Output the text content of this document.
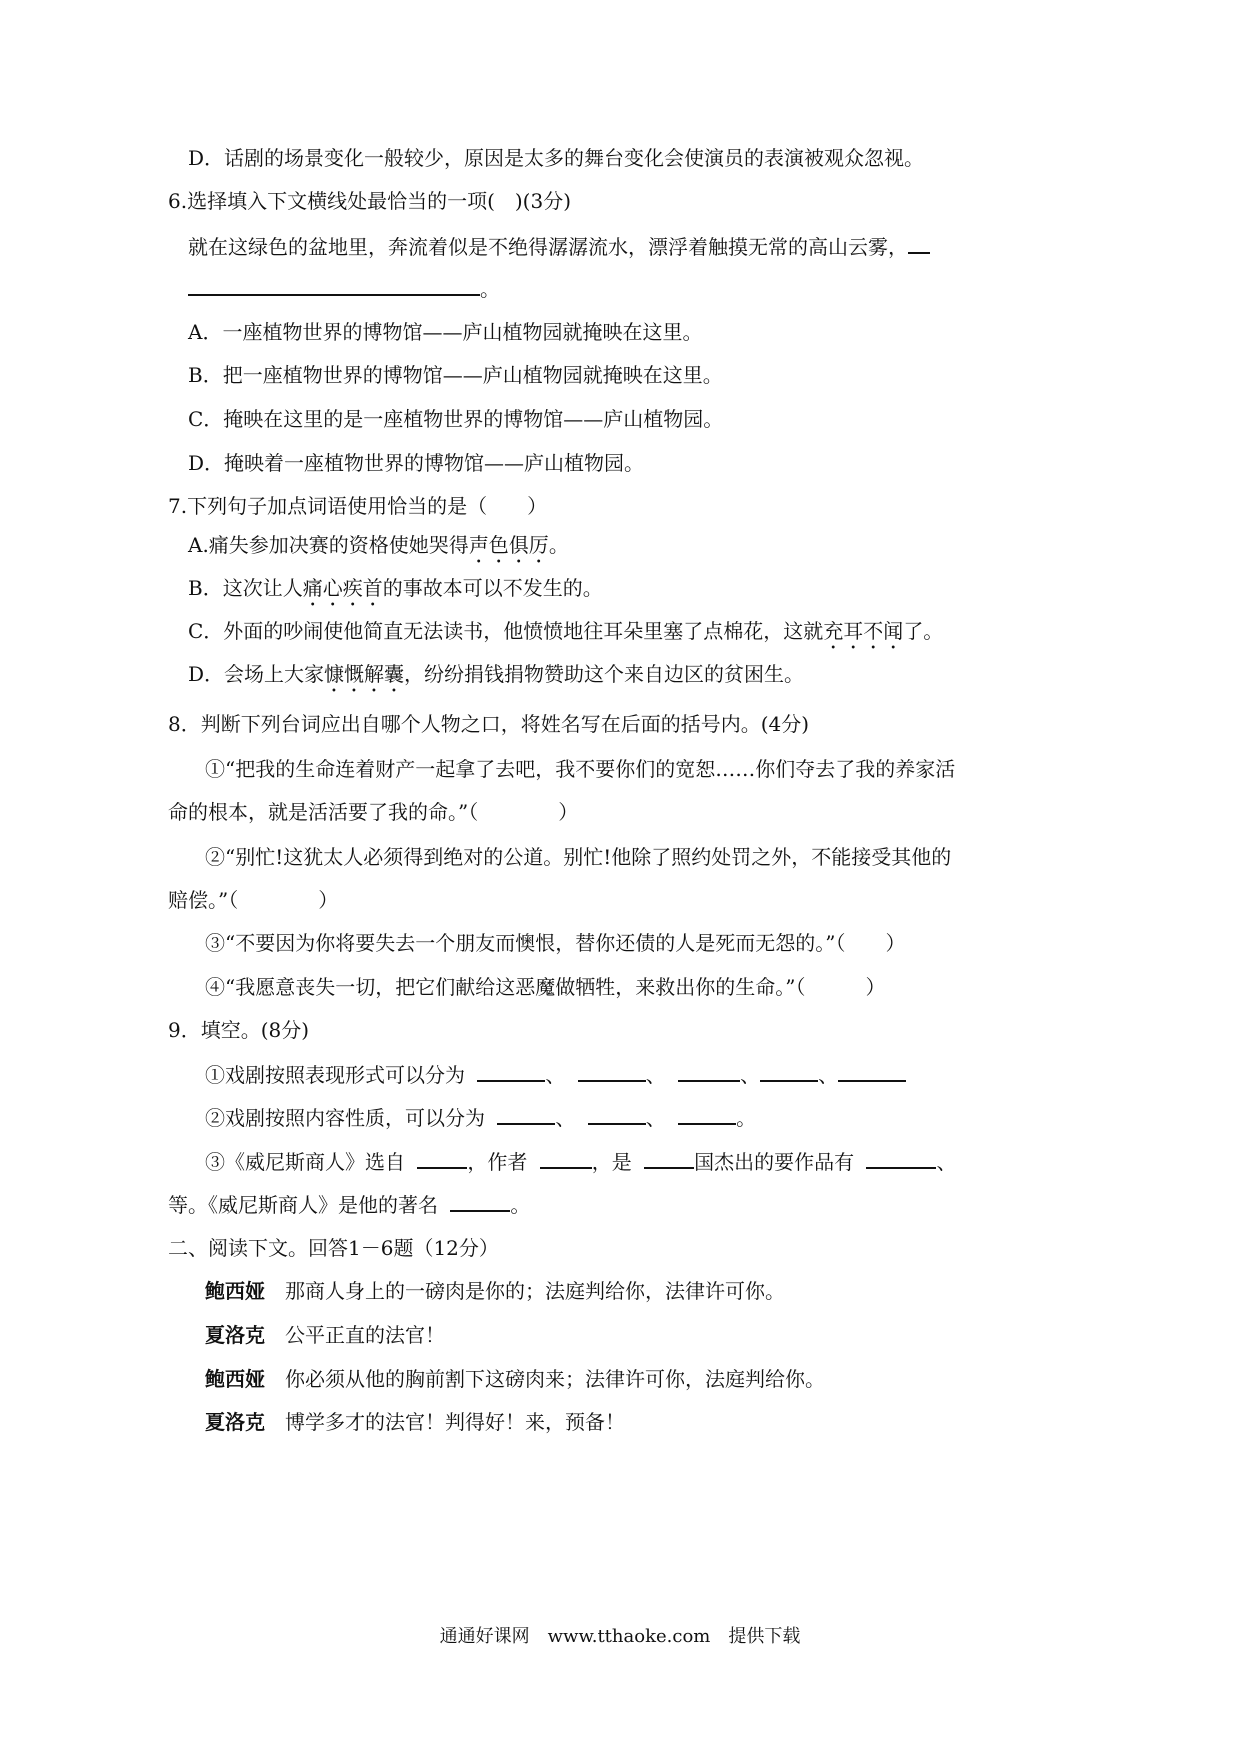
D．话剧的场景变化一般较少，原因是太多的舞台变化会使演员的表演被观众忽视。
6.选择填入下文横线处最恰当的一项(　)(3分)
就在这绿色的盆地里，奔流着似是不绝得潺潺流水，漂浮着触摸无常的高山云雾，
。
A．一座植物世界的博物馆——庐山植物园就掩映在这里。
B．把一座植物世界的博物馆——庐山植物园就掩映在这里。
C．掩映在这里的是一座植物世界的博物馆——庐山植物园。
D．掩映着一座植物世界的博物馆——庐山植物园。
7.下列句子加点词语使用恰当的是（　　）
A.痛失参加决赛的资格使她哭得声色俱厉。
B．这次让人痛心疾首的事故本可以不发生的。
C．外面的吵闹使他简直无法读书，他愤愤地往耳朵里塞了点棉花，这就充耳不闻了。
D．会场上大家慷慨解囊，纷纷捐钱捐物赞助这个来自边区的贫困生。
8．判断下列台词应出自哪个人物之口，将姓名写在后面的括号内。(4分)
①“把我的生命连着财产一起拿了去吧，我不要你们的宽恕……你们夺去了我的养家活
命的根本，就是活活要了我的命。”（　　　　）
②“别忙!这犹太人必须得到绝对的公道。别忙!他除了照约处罚之外，不能接受其他的
赔偿。”（　　　　）
③“不要因为你将要失去一个朋友而懊恨，替你还债的人是死而无怨的。”（　　）
④“我愿意丧失一切，把它们献给这恶魔做牺牲，来救出你的生命。”（　　　）
9．填空。(8分)
①戏剧按照表现形式可以分为	、	、	、	、
②戏剧按照内容性质，可以分为	、	、	。
③《威尼斯商人》选自	，作者	，是	国杰出的要作品有	、
等。《威尼斯商人》是他的著名	。
二、阅读下文。回答1－6题（12分）
鲍西娅 那商人身上的一磅肉是你的；法庭判给你，法律许可你。
夏洛克 公平正直的法官！
鲍西娅 你必须从他的胸前割下这磅肉来；法律许可你，法庭判给你。
夏洛克 博学多才的法官！判得好！来，预备！
通通好课网　www.tthaoke.com　提供下载
